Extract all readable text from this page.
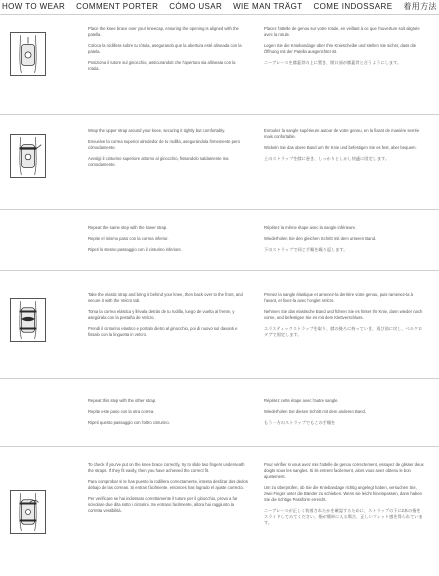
HOW TO WEAR COMMENT PORTER CÓMO USAR WIE MAN TRÄGT COME INDOSSARE 着用方法

Place the knee brace over your kneecap, ensuring the opening is aligned with the patella.

Coloca la rodillera sobre tu rótula, asegurando que la abertura esté alineada con la patela.

Posiziona il tutore sul ginocchio, assicurandoti che l'apertura sia allineata con la rotula.

Placez l'attelle de genou sur votre rotule, en veillant à ce que l'ouverture soit alignée avec la rotule.

Legen Sie die Kniebandage über Ihre Kniescheibe und stellen Sie sicher, dass die Öffnung mit der Patella ausgerichtet ist.

ニーブレースを膝蓋骨の上に置き、開口部が膝蓋骨と合うようにします。

Wrap the upper strap around your knee, securing it tightly but comfortably.

Envuelve la correa superior alrededor de tu rodilla, asegurándola firmemente pero cómodamente.

Avvolgi il cinturino superiore attorno al ginocchio, fissandolo saldamente ma comodamente.

Enroulez la sangle supérieure autour de votre genou, en la fixant de manière serrée mais confortable.

Wickeln Sie das obere Band um Ihr Knie und befestigen Sie es fest, aber bequem.

上のストラップを膝に巻き、しっかりとしかし快適に固定します。

Repeat the same step with the lower strap.

Repite el mismo paso con la correa inferior.

Ripeti lo stesso passaggio con il cinturino inferiore.

Répétez la même étape avec la sangle inférieure.

Wiederholen Sie den gleichen Schritt mit dem unteren Band.

下のストラップで同じ手順を繰り返します。

Take the elastic strap and bring it behind your knee, then back over to the front, and secure it with the Velcro tab.

Toma la correa elástica y llévala detrás de tu rodilla, luego de vuelta al frente, y asegúrala con la pestaña de Velcro.

Prendi il cinturino elastico e portalo dietro al ginocchio, poi di nuovo sul davanti e fissalo con la linguetta in velcro.

Prenez la sangle élastique et amenez-la derrière votre genou, puis ramenez-la à l'avant, et fixez-la avec l'onglet Velcro.

Nehmen Sie das elastische Band und führen Sie es hinter Ihr Knie, dann wieder nach vorne, und befestigen Sie es mit dem Klettverschluss.

エラスティックストラップを取り、膝の後ろに持っていき、再び前に戻し、ベルクロタブで固定します。

Repeat this step with the other strap.

Repite este paso con la otra correa.

Ripeti questo passaggio con l'altro cinturino.

Répétez cette étape avec l'autre sangle.

Wiederholen Sie diesen Schritt mit dem anderen Band.

もう一方のストラップでもこの手順を

To check if you've put on the knee brace correctly, try to slide two fingers underneath the straps. If they fit easily, then you have achieved the correct fit.

Para comprobar si te has puesto la rodillera correctamente, intenta deslizar dos dedos debajo de las correas. Si entran fácilmente, entonces has logrado el ajuste correcto.

Per verificare se hai indossato correttamente il tutore per il ginocchio, prova a far scivolare due dita sotto i cinturini. Se entrano facilmente, allora hai raggiunto la corretta vestibilità.

Pour vérifier si vous avez mis l'attelle de genou correctement, essayez de glisser deux doigts sous les sangles. Si ils entrent facilement, alors vous avez obtenu le bon ajustement.

Um zu überprüfen, ob Sie die Kniebandage richtig angelegt haben, versuchen Sie, zwei Finger unter die Bänder zu schieben. Wenn sie leicht hineinpassen, dann haben Sie die richtige Passform erreicht.

ニーブレースが正しく装着されたかを確認するために、ストラップの下に2本の指をスライドしてみてください。指が簡単に入る場合、正しいフィット感を得られています。
